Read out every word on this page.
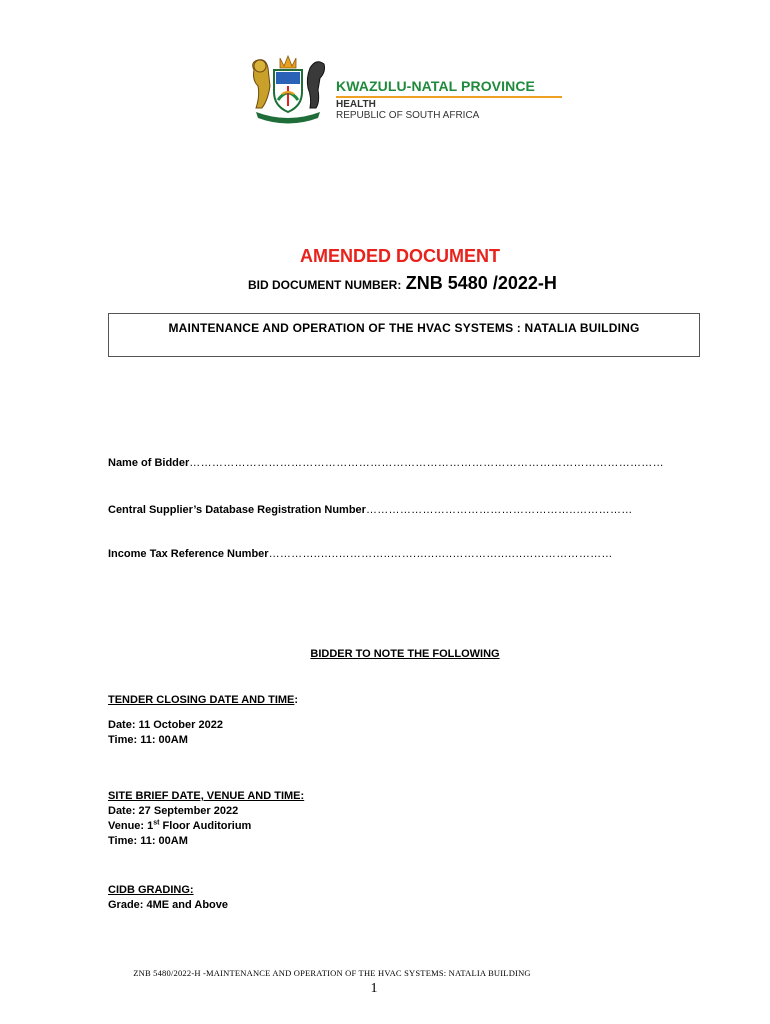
KWAZULU-NATAL PROVINCE
HEALTH
REPUBLIC OF SOUTH AFRICA
AMENDED DOCUMENT
BID DOCUMENT NUMBER: ZNB 5480 /2022-H
MAINTENANCE AND OPERATION OF THE HVAC SYSTEMS : NATALIA BUILDING
Name of Bidder………………………………………………………………………………………………………………
Central Supplier’s Database Registration Number………………………………………………..……………
Income Tax Reference Number…………..…..…………..…….…..…..…………..…..……………………
BIDDER TO NOTE THE FOLLOWING
TENDER CLOSING DATE AND TIME:
Date: 11 October 2022
Time: 11: 00AM
SITE BRIEF DATE, VENUE AND TIME:
Date: 27 September 2022
Venue: 1st Floor Auditorium
Time: 11: 00AM
CIDB GRADING:
Grade: 4ME and Above
ZNB 5480/2022-H -MAINTENANCE AND OPERATION OF THE HVAC SYSTEMS: NATALIA BUILDING
1
